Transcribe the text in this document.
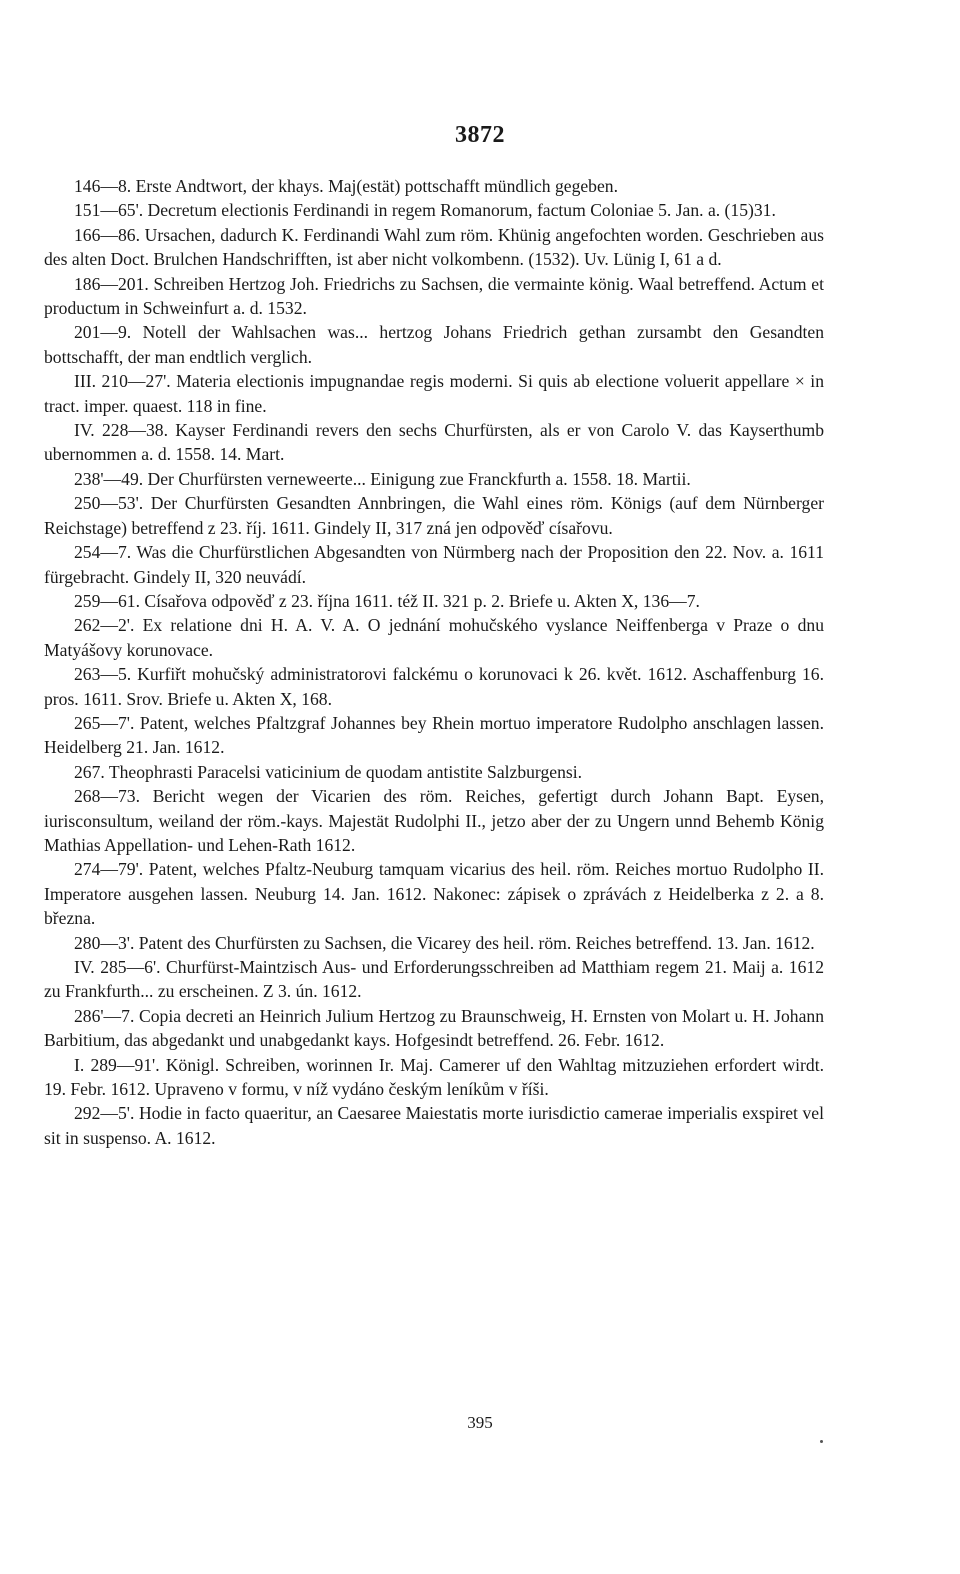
3872

146—8. Erste Andtwort, der khays. Maj(estät) pottschafft mündlich gegeben.

151—65'. Decretum electionis Ferdinandi in regem Romanorum, factum Coloniae 5. Jan. a. (15)31.

166—86. Ursachen, dadurch K. Ferdinandi Wahl zum röm. Khünig angefochten worden. Geschrieben aus des alten Doct. Brulchen Handschrifften, ist aber nicht volkombenn. (1532). Uv. Lünig I, 61 a d.

186—201. Schreiben Hertzog Joh. Friedrichs zu Sachsen, die vermainte könig. Waal betreffend. Actum et productum in Schweinfurt a. d. 1532.

201—9. Notell der Wahlsachen was... hertzog Johans Friedrich gethan zursambt den Gesandten bottschafft, der man endtlich verglich.

III. 210—27'. Materia electionis impugnandae regis moderni. Si quis ab electione voluerit appellare × in tract. imper. quaest. 118 in fine.

IV. 228—38. Kayser Ferdinandi revers den sechs Churfürsten, als er von Carolo V. das Kayserthumb ubernommen a. d. 1558. 14. Mart.

238'—49. Der Churfürsten verneweerte... Einigung zue Franckfurth a. 1558. 18. Martii.

250—53'. Der Churfürsten Gesandten Annbringen, die Wahl eines röm. Königs (auf dem Nürnberger Reichstage) betreffend z 23. říj. 1611. Gindely II, 317 zná jen odpověď císařovu.

254—7. Was die Churfürstlichen Abgesandten von Nürmberg nach der Proposition den 22. Nov. a. 1611 fürgebracht. Gindely II, 320 neuvádí.

259—61. Císařova odpověď z 23. října 1611. též II. 321 p. 2. Briefe u. Akten X, 136—7.

262—2'. Ex relatione dni H. A. V. A. O jednání mohučského vyslance Neiffenberga v Praze o dnu Matyášovy korunovace.

263—5. Kurfiřt mohučský administratorovi falckému o korunovaci k 26. květ. 1612. Aschaffenburg 16. pros. 1611. Srov. Briefe u. Akten X, 168.

265—7'. Patent, welches Pfaltzgraf Johannes bey Rhein mortuo imperatore Rudolpho anschlagen lassen. Heidelberg 21. Jan. 1612.

267. Theophrasti Paracelsi vaticinium de quodam antistite Salzburgensi.

268—73. Bericht wegen der Vicarien des röm. Reiches, gefertigt durch Johann Bapt. Eysen, iurisconsultum, weiland der röm.-kays. Majestät Rudolphi II., jetzo aber der zu Ungern unnd Behemb König Mathias Appellation- und Lehen-Rath 1612.

274—79'. Patent, welches Pfaltz-Neuburg tamquam vicarius des heil. röm. Reiches mortuo Rudolpho II. Imperatore ausgehen lassen. Neuburg 14. Jan. 1612. Nakonec: zápisek o zprávách z Heidelberka z 2. a 8. března.

280—3'. Patent des Churfürsten zu Sachsen, die Vicarey des heil. röm. Reiches betreffend. 13. Jan. 1612.

IV. 285—6'. Churfürst-Maintzisch Aus- und Erforderungsschreiben ad Matthiam regem 21. Maij a. 1612 zu Frankfurth... zu erscheinen. Z 3. ún. 1612.

286'—7. Copia decreti an Heinrich Julium Hertzog zu Braunschweig, H. Ernsten von Molart u. H. Johann Barbitium, das abgedankt und unabgedankt kays. Hofgesindt betreffend. 26. Febr. 1612.

I. 289—91'. Königl. Schreiben, worinnen Ir. Maj. Camerer uf den Wahltag mitzuziehen erfordert wirdt. 19. Febr. 1612. Upraveno v formu, v níž vydáno českým leníkům v říši.

292—5'. Hodie in facto quaeritur, an Caesaree Maiestatis morte iurisdictio camerae imperialis exspiret vel sit in suspenso. A. 1612.

395
